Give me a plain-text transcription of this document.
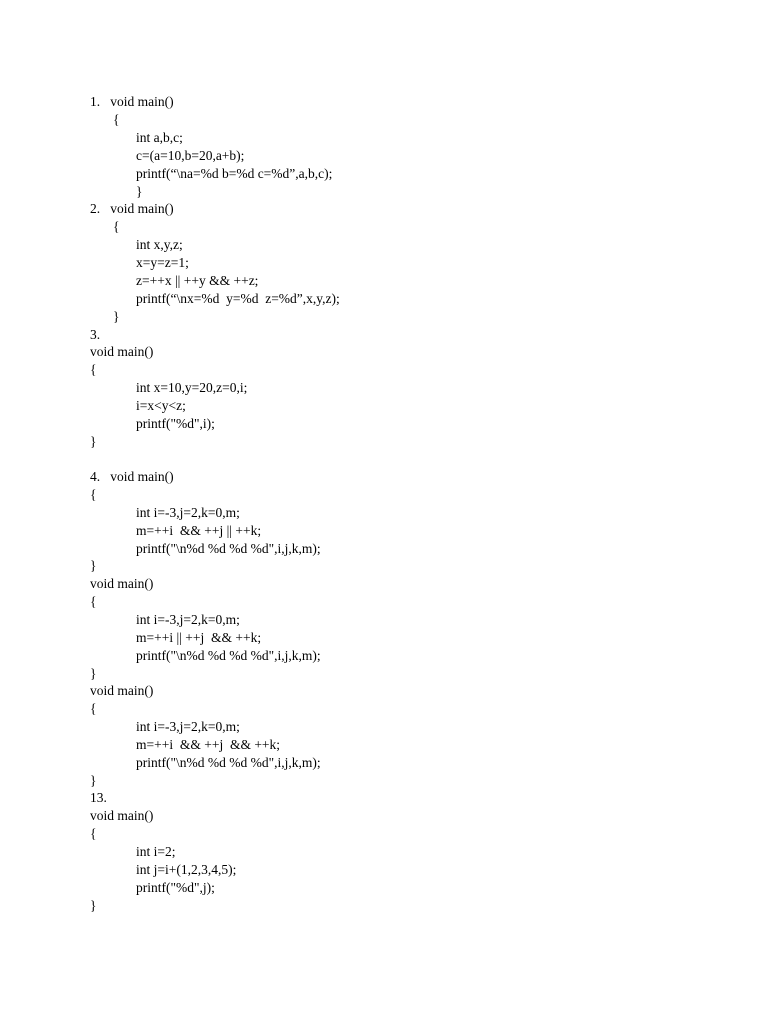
1.   void main()
{
int a,b,c;
c=(a=10,b=20,a+b);
printf(“\na=%d b=%d c=%d”,a,b,c);
}
2.   void main()
{
int x,y,z;
x=y=z=1;
z=++x || ++y && ++z;
printf(“\nx=%d  y=%d  z=%d”,x,y,z);
}
3.
void main()
{
int x=10,y=20,z=0,i;
i=x<y<z;
printf("%d",i);
}
4.   void main()
{
int i=-3,j=2,k=0,m;
m=++i  && ++j || ++k;
printf("\n%d %d %d %d",i,j,k,m);
}
void main()
{
int i=-3,j=2,k=0,m;
m=++i || ++j  && ++k;
printf("\n%d %d %d %d",i,j,k,m);
}
void main()
{
int i=-3,j=2,k=0,m;
m=++i  && ++j  && ++k;
printf("\n%d %d %d %d",i,j,k,m);
}
13.
void main()
{
int i=2;
int j=i+(1,2,3,4,5);
printf("%d",j);
}
